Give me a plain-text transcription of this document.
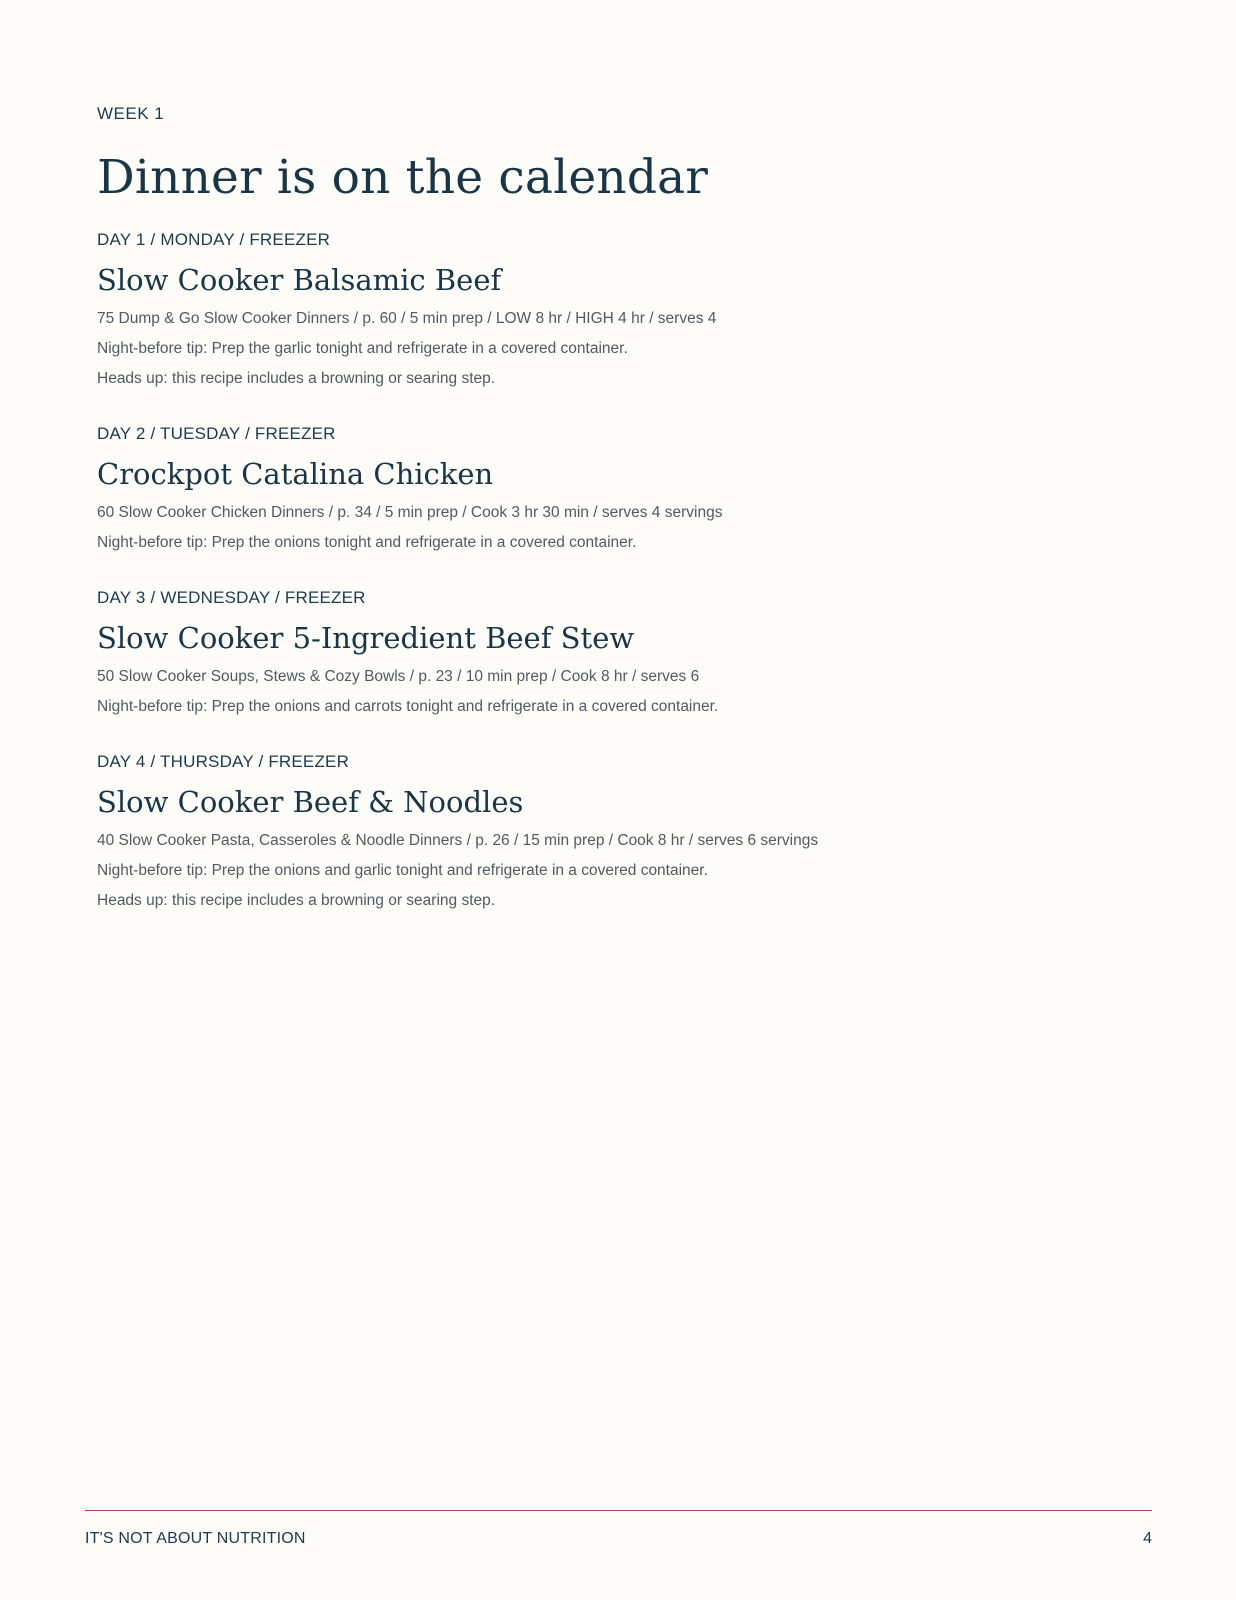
WEEK 1
Dinner is on the calendar
DAY 1 / MONDAY / FREEZER
Slow Cooker Balsamic Beef
75 Dump & Go Slow Cooker Dinners / p. 60 / 5 min prep / LOW 8 hr / HIGH 4 hr / serves 4
Night-before tip: Prep the garlic tonight and refrigerate in a covered container.
Heads up: this recipe includes a browning or searing step.
DAY 2 / TUESDAY / FREEZER
Crockpot Catalina Chicken
60 Slow Cooker Chicken Dinners / p. 34 / 5 min prep / Cook 3 hr 30 min / serves 4 servings
Night-before tip: Prep the onions tonight and refrigerate in a covered container.
DAY 3 / WEDNESDAY / FREEZER
Slow Cooker 5-Ingredient Beef Stew
50 Slow Cooker Soups, Stews & Cozy Bowls / p. 23 / 10 min prep / Cook 8 hr / serves 6
Night-before tip: Prep the onions and carrots tonight and refrigerate in a covered container.
DAY 4 / THURSDAY / FREEZER
Slow Cooker Beef & Noodles
40 Slow Cooker Pasta, Casseroles & Noodle Dinners / p. 26 / 15 min prep / Cook 8 hr / serves 6 servings
Night-before tip: Prep the onions and garlic tonight and refrigerate in a covered container.
Heads up: this recipe includes a browning or searing step.
IT'S NOT ABOUT NUTRITION	4
